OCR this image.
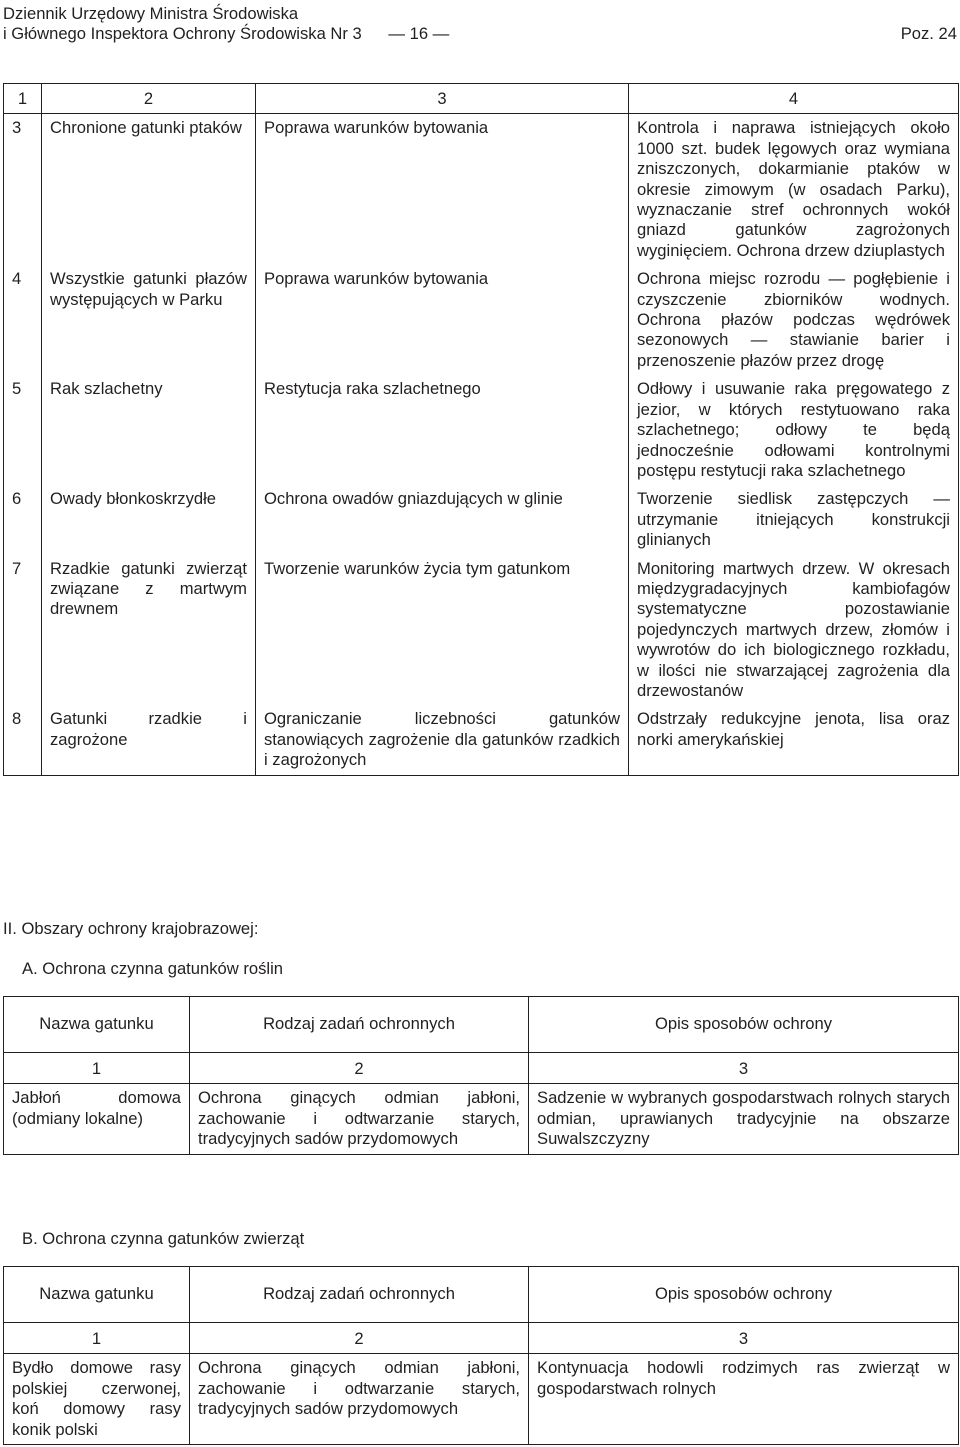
Dziennik Urzędowy Ministra Środowiska
i Głównego Inspektora Ochrony Środowiska Nr 3 — 16 —	Poz. 24
1	2	3	4
3	Chronione gatunki ptaków	Poprawa warunków bytowania	Kontrola i naprawa istniejących około 1000 szt. budek lęgowych oraz wymiana zniszczonych, dokarmianie ptaków w okresie zimowym (w osadach Parku), wyznaczanie stref ochronnych wokół gniazd gatunków zagrożonych wyginięciem. Ochrona drzew dziuplastych
4	Wszystkie gatunki płazów występujących w Parku	Poprawa warunków bytowania	Ochrona miejsc rozrodu — pogłębienie i czyszczenie zbiorników wodnych. Ochrona płazów podczas wędrówek sezonowych — stawianie barier i przenoszenie płazów przez drogę
5	Rak szlachetny	Restytucja raka szlachetnego	Odłowy i usuwanie raka pręgowatego z jezior, w których restytuowano raka szlachetnego; odłowy te będą jednocześnie odłowami kontrolnymi postępu restytucji raka szlachetnego
6	Owady błonkoskrzydłe	Ochrona owadów gniazdujących w glinie	Tworzenie siedlisk zastępczych — utrzymanie itniejących konstrukcji glinianych
7	Rzadkie gatunki zwierząt związane z martwym drewnem	Tworzenie warunków życia tym gatunkom	Monitoring martwych drzew. W okresach międzygradacyjnych kambiofagów systematyczne pozostawianie pojedynczych martwych drzew, złomów i wywrotów do ich biologicznego rozkładu, w ilości nie stwarzającej zagrożenia dla drzewostanów
8	Gatunki rzadkie i zagrożone	Ograniczanie liczebności gatunków stanowiących zagrożenie dla gatunków rzadkich i zagrożonych	Odstrzały redukcyjne jenota, lisa oraz norki amerykańskiej
II. Obszary ochrony krajobrazowej:
A. Ochrona czynna gatunków roślin
Nazwa gatunku	Rodzaj zadań ochronnych	Opis sposobów ochrony
1	2	3
Jabłoń domowa (odmiany lokalne)	Ochrona ginących odmian jabłoni, zachowanie i odtwarzanie starych, tradycyjnych sadów przydomowych	Sadzenie w wybranych gospodarstwach rolnych starych odmian, uprawianych tradycyjnie na obszarze Suwalszczyzny
B. Ochrona czynna gatunków zwierząt
Nazwa gatunku	Rodzaj zadań ochronnych	Opis sposobów ochrony
1	2	3
Bydło domowe rasy polskiej czerwonej, koń domowy rasy konik polski	Ochrona ginących odmian jabłoni, zachowanie i odtwarzanie starych, tradycyjnych sadów przydomowych	Kontynuacja hodowli rodzimych ras zwierząt w gospodarstwach rolnych
